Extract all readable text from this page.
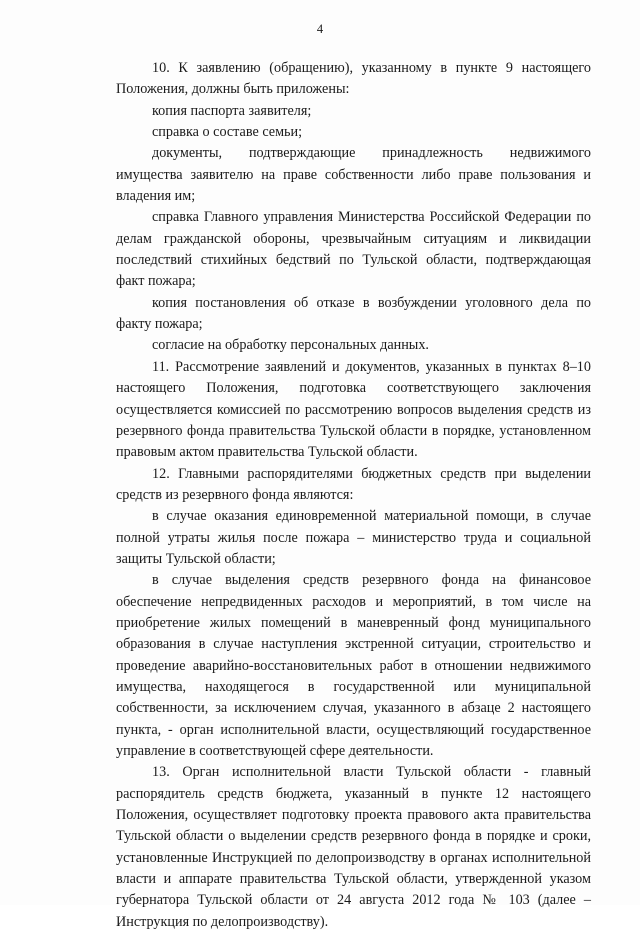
4

10. К заявлению (обращению), указанному в пункте 9 настоящего Положения, должны быть приложены:

копия паспорта заявителя;

справка о составе семьи;

документы, подтверждающие принадлежность недвижимого имущества заявителю на праве собственности либо праве пользования и владения им;

справка Главного управления Министерства Российской Федерации по делам гражданской обороны, чрезвычайным ситуациям и ликвидации последствий стихийных бедствий по Тульской области, подтверждающая факт пожара;

копия постановления об отказе в возбуждении уголовного дела по факту пожара;

согласие на обработку персональных данных.

11. Рассмотрение заявлений и документов, указанных в пунктах 8–10 настоящего Положения, подготовка соответствующего заключения осуществляется комиссией по рассмотрению вопросов выделения средств из резервного фонда правительства Тульской области в порядке, установленном правовым актом правительства Тульской области.

12. Главными распорядителями бюджетных средств при выделении средств из резервного фонда являются:

в случае оказания единовременной материальной помощи, в случае полной утраты жилья после пожара – министерство труда и социальной защиты Тульской области;

в случае выделения средств резервного фонда на финансовое обеспечение непредвиденных расходов и мероприятий, в том числе на приобретение жилых помещений в маневренный фонд муниципального образования в случае наступления экстренной ситуации, строительство и проведение аварийно-восстановительных работ в отношении недвижимого имущества, находящегося в государственной или муниципальной собственности, за исключением случая, указанного в абзаце 2 настоящего пункта, - орган исполнительной власти, осуществляющий государственное управление в соответствующей сфере деятельности.

13. Орган исполнительной власти Тульской области - главный распорядитель средств бюджета, указанный в пункте 12 настоящего Положения, осуществляет подготовку проекта правового акта правительства Тульской области о выделении средств резервного фонда в порядке и сроки, установленные Инструкцией по делопроизводству в органах исполнительной власти и аппарате правительства Тульской области, утвержденной указом губернатора Тульской области от 24 августа 2012 года № 103 (далее – Инструкция по делопроизводству).
